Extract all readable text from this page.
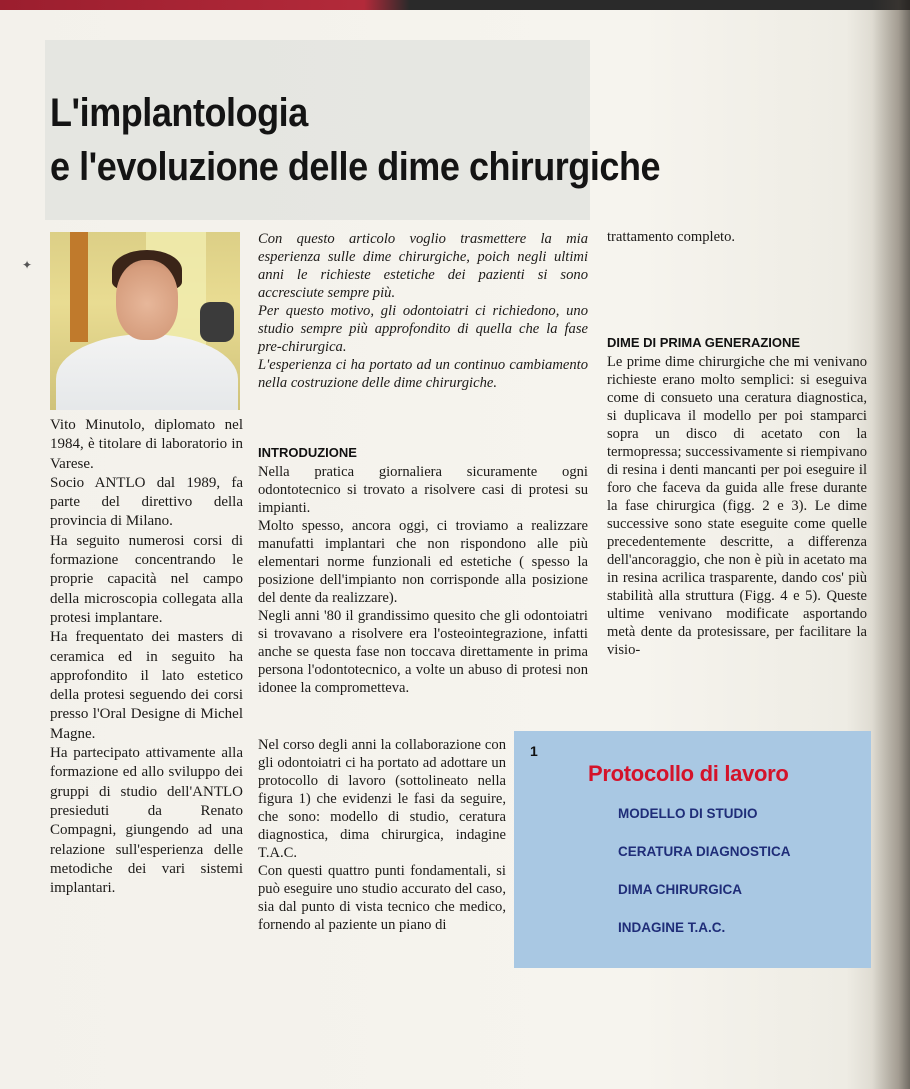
L'implantologia
e l'evoluzione delle dime chirurgiche
✦

Vito Minutolo, diplomato nel 1984, è titolare di laboratorio in Varese.

Socio ANTLO dal 1989, fa parte del direttivo della provincia di Milano.

Ha seguito numerosi corsi di formazione concentrando le proprie capacità nel campo della microscopia collegata alla protesi implantare.

Ha frequentato dei masters di ceramica ed in seguito ha approfondito il lato estetico della protesi seguendo dei corsi presso l'Oral Designe di Michel Magne.

Ha partecipato attivamente alla formazione ed allo sviluppo dei gruppi di studio dell'ANTLO presieduti da Renato Compagni, giungendo ad una relazione sull'esperienza delle metodiche dei vari sistemi implantari.

Con questo articolo voglio trasmettere la mia esperienza sulle dime chirurgiche, poich negli ultimi anni le richieste estetiche dei pazienti si sono accresciute sempre più.

Per questo motivo, gli odontoiatri ci richiedono, uno studio sempre più approfondito di quella che la fase pre-chirurgica.

L'esperienza ci ha portato ad un continuo cambiamento nella costruzione delle dime chirurgiche.

INTRODUZIONE

Nella pratica giornaliera sicuramente ogni odontotecnico si trovato a risolvere casi di protesi su impianti.

Molto spesso, ancora oggi, ci troviamo a realizzare manufatti implantari che non rispondono alle più elementari norme funzionali ed estetiche ( spesso la posizione dell'impianto non corrisponde alla posizione del dente da realizzare).

Negli anni '80 il grandissimo quesito che gli odontoiatri si trovavano a risolvere era l'osteointegrazione, infatti anche se questa fase non toccava direttamente in prima persona l'odontotecnico, a volte un abuso di protesi non idonee la comprometteva.

Nel corso degli anni la collaborazione con gli odontoiatri ci ha portato ad adottare un protocollo di lavoro (sottolineato nella figura 1) che evidenzi le fasi da seguire, che sono: modello di studio, ceratura diagnostica, dima chirurgica, indagine T.A.C.

Con questi quattro punti fondamentali, si può eseguire uno studio accurato del caso, sia dal punto di vista tecnico che medico, fornendo al paziente un piano di

trattamento completo.

DIME DI PRIMA GENERAZIONE

Le prime dime chirurgiche che mi venivano richieste erano molto semplici: si eseguiva come di consueto una ceratura diagnostica, si duplicava il modello per poi stamparci sopra un disco di acetato con la termopressa; successivamente si riempivano di resina i denti mancanti per poi eseguire il foro che faceva da guida alle frese durante la fase chirurgica (figg. 2 e 3). Le dime successive sono state eseguite come quelle precedentemente descritte, a differenza dell'ancoraggio, che non è più in acetato ma in resina acrilica trasparente, dando cos' più stabilità alla struttura (Figg. 4 e 5). Queste ultime venivano modificate asportando metà dente da protesissare, per facilitare la visio-

1
Protocollo di lavoro
MODELLO DI STUDIO
CERATURA DIAGNOSTICA
DIMA CHIRURGICA
INDAGINE T.A.C.
